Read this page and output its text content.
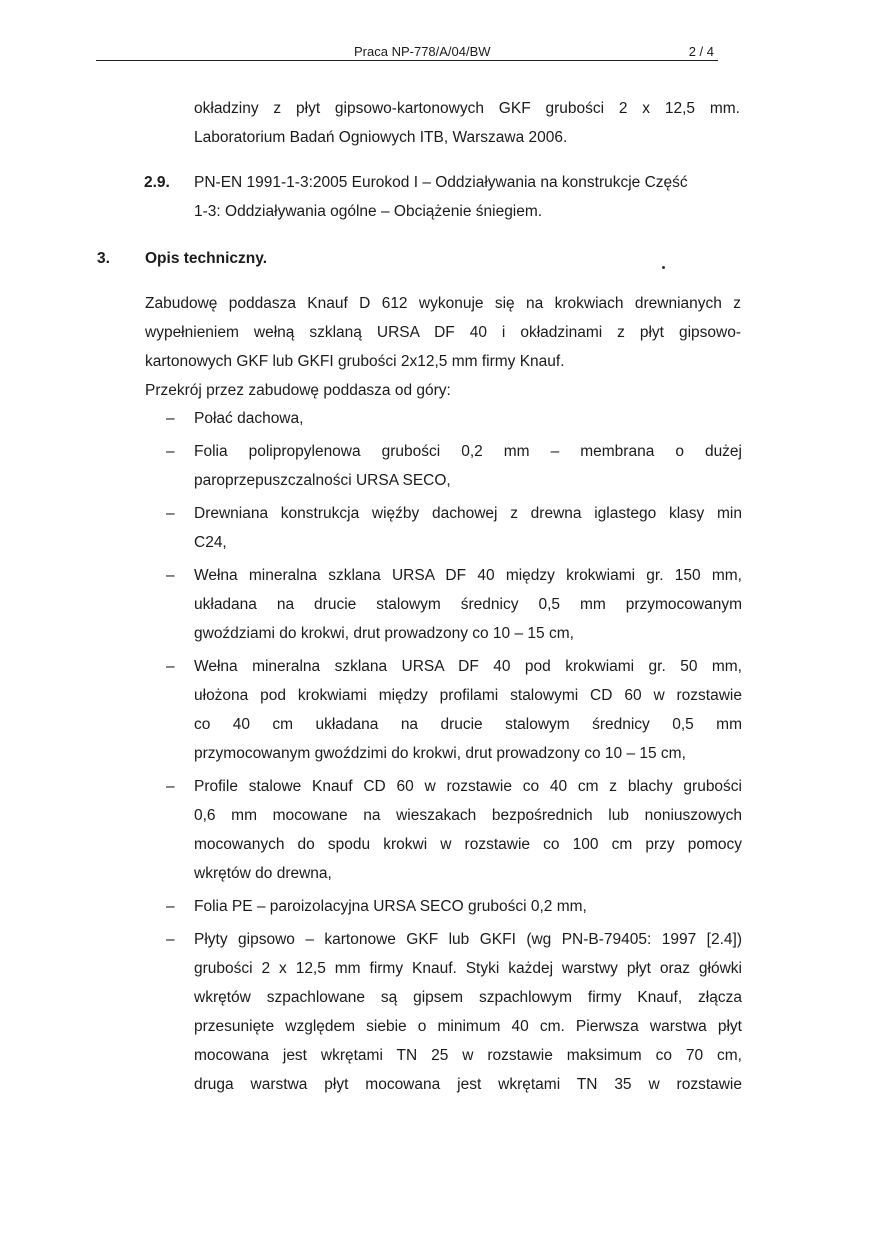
Praca NP-778/A/04/BW	2 / 4
okładziny z płyt gipsowo-kartonowych GKF grubości 2 x 12,5 mm.
Laboratorium Badań Ogniowych ITB, Warszawa 2006.
2.9. PN-EN 1991-1-3:2005 Eurokod I – Oddziaływania na konstrukcje Część
1-3: Oddziaływania ogólne – Obciążenie śniegiem.
3. Opis techniczny.
Zabudowę poddasza Knauf D 612 wykonuje się na krokwiach drewnianych z
wypełnieniem wełną szklaną URSA DF 40 i okładzinami z płyt gipsowo-
kartonowych GKF lub GKFI grubości 2x12,5 mm firmy Knauf.
Przekrój przez zabudowę poddasza od góry:
– Połać dachowa,
– Folia polipropylenowa grubości 0,2 mm – membrana o dużej
paroprzepuszczalności URSA SECO,
– Drewniana konstrukcja więźby dachowej z drewna iglastego klasy min
C24,
– Wełna mineralna szklana URSA DF 40 między krokwiami gr. 150 mm,
układana na drucie stalowym średnicy 0,5 mm przymocowanym
gwoździami do krokwi, drut prowadzony co 10 – 15 cm,
– Wełna mineralna szklana URSA DF 40 pod krokwiami gr. 50 mm,
ułożona pod krokwiami między profilami stalowymi CD 60 w rozstawie
co 40 cm układana na drucie stalowym średnicy 0,5 mm
przymocowanym gwoździmi do krokwi, drut prowadzony co 10 – 15 cm,
– Profile stalowe Knauf CD 60 w rozstawie co 40 cm z blachy grubości
0,6 mm mocowane na wieszakach bezpośrednich lub noniuszowych
mocowanych do spodu krokwi w rozstawie co 100 cm przy pomocy
wkrętów do drewna,
– Folia PE – paroizolacyjna URSA SECO grubości 0,2 mm,
– Płyty gipsowo – kartonowe GKF lub GKFI (wg PN-B-79405: 1997 [2.4])
grubości 2 x 12,5 mm firmy Knauf. Styki każdej warstwy płyt oraz główki
wkrętów szpachlowane są gipsem szpachlowym firmy Knauf, złącza
przesunięte względem siebie o minimum 40 cm. Pierwsza warstwa płyt
mocowana jest wkrętami TN 25 w rozstawie maksimum co 70 cm,
druga warstwa płyt mocowana jest wkrętami TN 35 w rozstawie
